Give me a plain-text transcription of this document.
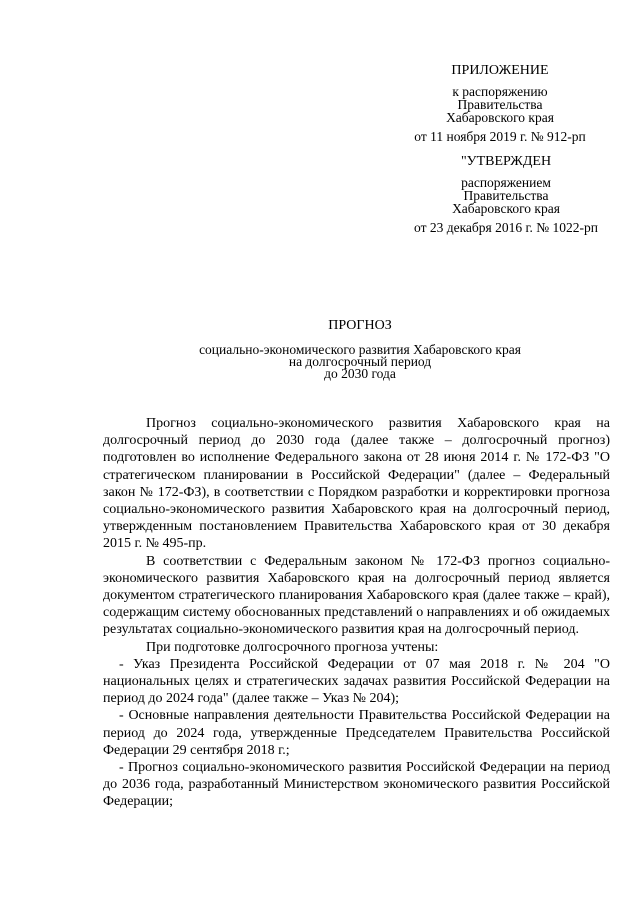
ПРИЛОЖЕНИЕ
к распоряжению
Правительства
Хабаровского края
от 11 ноября 2019 г. № 912-рп
"УТВЕРЖДЕН
распоряжением
Правительства
Хабаровского края
от 23 декабря 2016 г. № 1022-рп
ПРОГНОЗ
социально-экономического развития Хабаровского края
на долгосрочный период
до 2030 года

Прогноз социально-экономического развития Хабаровского края на долгосрочный период до 2030 года (далее также – долгосрочный прогноз) подготовлен во исполнение Федерального закона от 28 июня 2014 г. № 172-ФЗ "О стратегическом планировании в Российской Федерации" (далее – Федеральный закон № 172-ФЗ), в соответствии с Порядком разработки и корректировки прогноза социально-экономического развития Хабаровского края на долгосрочный период, утвержденным постановлением Правительства Хабаровского края от 30 декабря 2015 г. № 495-пр.

В соответствии с Федеральным законом № 172-ФЗ прогноз социально-экономического развития Хабаровского края на долгосрочный период является документом стратегического планирования Хабаровского края (далее также – край), содержащим систему обоснованных представлений о направлениях и об ожидаемых результатах социально-экономического развития края на долгосрочный период.

При подготовке долгосрочного прогноза учтены:

- Указ Президента Российской Федерации от 07 мая 2018 г. № 204 "О национальных целях и стратегических задачах развития Российской Федерации на период до 2024 года" (далее также – Указ № 204);

- Основные направления деятельности Правительства Российской Федерации на период до 2024 года, утвержденные Председателем Правительства Российской Федерации 29 сентября 2018 г.;

- Прогноз социально-экономического развития Российской Федерации на период до 2036 года, разработанный Министерством экономического развития Российской Федерации;
